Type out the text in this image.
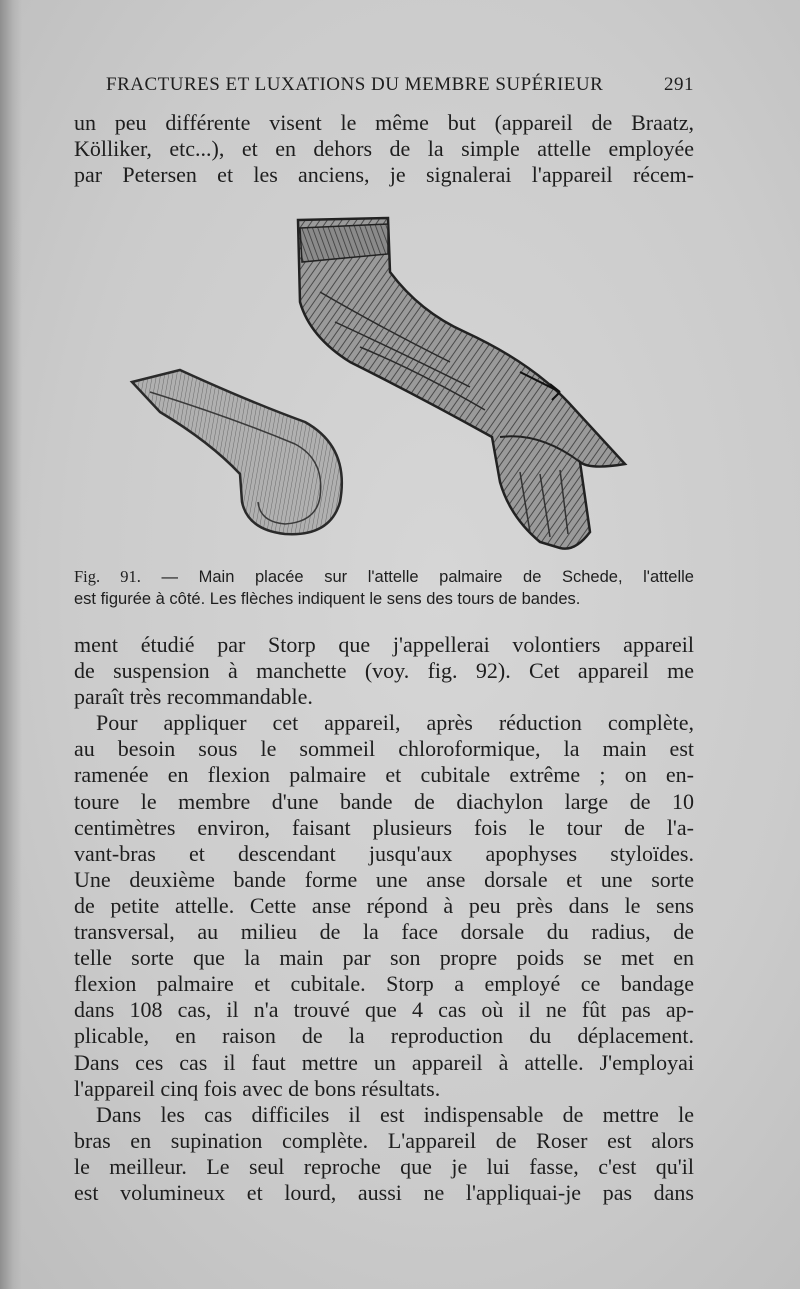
FRACTURES ET LUXATIONS DU MEMBRE SUPÉRIEUR	291
un peu différente visent le même but (appareil de Braatz,
Kölliker, etc...), et en dehors de la simple attelle employée
par Petersen et les anciens, je signalerai l'appareil récem-
Fig. 91. — Main placée sur l'attelle palmaire de Schede, l'attelle
est figurée à côté. Les flèches indiquent le sens des tours de bandes.
ment étudié par Storp que j'appellerai volontiers appareil
de suspension à manchette (voy. fig. 92). Cet appareil me
paraît très recommandable.
Pour appliquer cet appareil, après réduction complète,
au besoin sous le sommeil chloroformique, la main est
ramenée en flexion palmaire et cubitale extrême ; on en-
toure le membre d'une bande de diachylon large de 10
centimètres environ, faisant plusieurs fois le tour de l'a-
vant-bras et descendant jusqu'aux apophyses styloïdes.
Une deuxième bande forme une anse dorsale et une sorte
de petite attelle. Cette anse répond à peu près dans le sens
transversal, au milieu de la face dorsale du radius, de
telle sorte que la main par son propre poids se met en
flexion palmaire et cubitale. Storp a employé ce bandage
dans 108 cas, il n'a trouvé que 4 cas où il ne fût pas ap-
plicable, en raison de la reproduction du déplacement.
Dans ces cas il faut mettre un appareil à attelle. J'employai
l'appareil cinq fois avec de bons résultats.
Dans les cas difficiles il est indispensable de mettre le
bras en supination complète. L'appareil de Roser est alors
le meilleur. Le seul reproche que je lui fasse, c'est qu'il
est volumineux et lourd, aussi ne l'appliquai-je pas dans
